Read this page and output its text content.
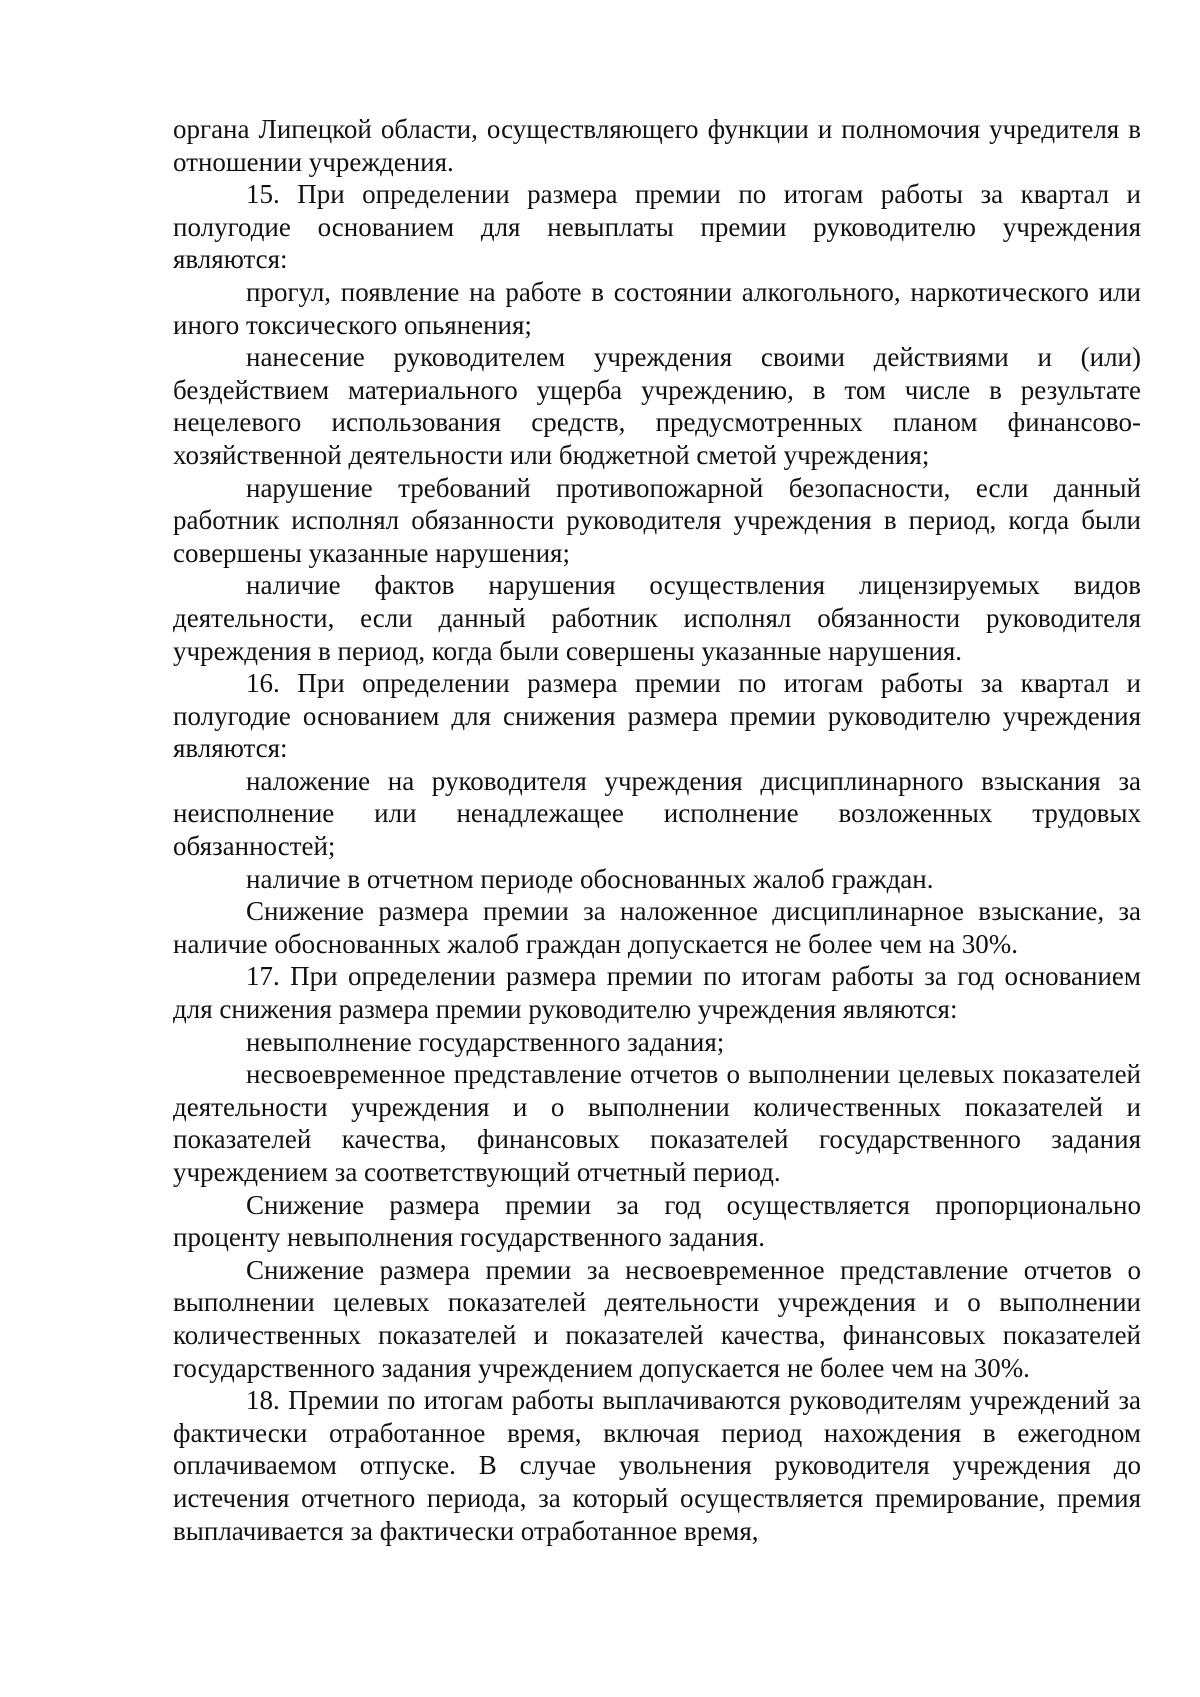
органа Липецкой области, осуществляющего функции и полномочия учредителя в отношении учреждения.

15. При определении размера премии по итогам работы за квартал и полугодие основанием для невыплаты премии руководителю учреждения являются:

прогул, появление на работе в состоянии алкогольного, наркотического или иного токсического опьянения;

нанесение руководителем учреждения своими действиями и (или) бездействием материального ущерба учреждению, в том числе в результате нецелевого использования средств, предусмотренных планом финансово-хозяйственной деятельности или бюджетной сметой учреждения;

нарушение требований противопожарной безопасности, если данный работник исполнял обязанности руководителя учреждения в период, когда были совершены указанные нарушения;

наличие фактов нарушения осуществления лицензируемых видов деятельности, если данный работник исполнял обязанности руководителя учреждения в период, когда были совершены указанные нарушения.

16. При определении размера премии по итогам работы за квартал и полугодие основанием для снижения размера премии руководителю учреждения являются:

наложение на руководителя учреждения дисциплинарного взыскания за неисполнение или ненадлежащее исполнение возложенных трудовых обязанностей;

наличие в отчетном периоде обоснованных жалоб граждан.

Снижение размера премии за наложенное дисциплинарное взыскание, за наличие обоснованных жалоб граждан допускается не более чем на 30%.

17. При определении размера премии по итогам работы за год основанием для снижения размера премии руководителю учреждения являются:

невыполнение государственного задания;

несвоевременное представление отчетов о выполнении целевых показателей деятельности учреждения и о выполнении количественных показателей и показателей качества, финансовых показателей государственного задания учреждением за соответствующий отчетный период.

Снижение размера премии за год осуществляется пропорционально проценту невыполнения государственного задания.

Снижение размера премии за несвоевременное представление отчетов о выполнении целевых показателей деятельности учреждения и о выполнении количественных показателей и показателей качества, финансовых показателей государственного задания учреждением допускается не более чем на 30%.

18. Премии по итогам работы выплачиваются руководителям учреждений за фактически отработанное время, включая период нахождения в ежегодном оплачиваемом отпуске. В случае увольнения руководителя учреждения до истечения отчетного периода, за который осуществляется премирование, премия выплачивается за фактически отработанное время,
